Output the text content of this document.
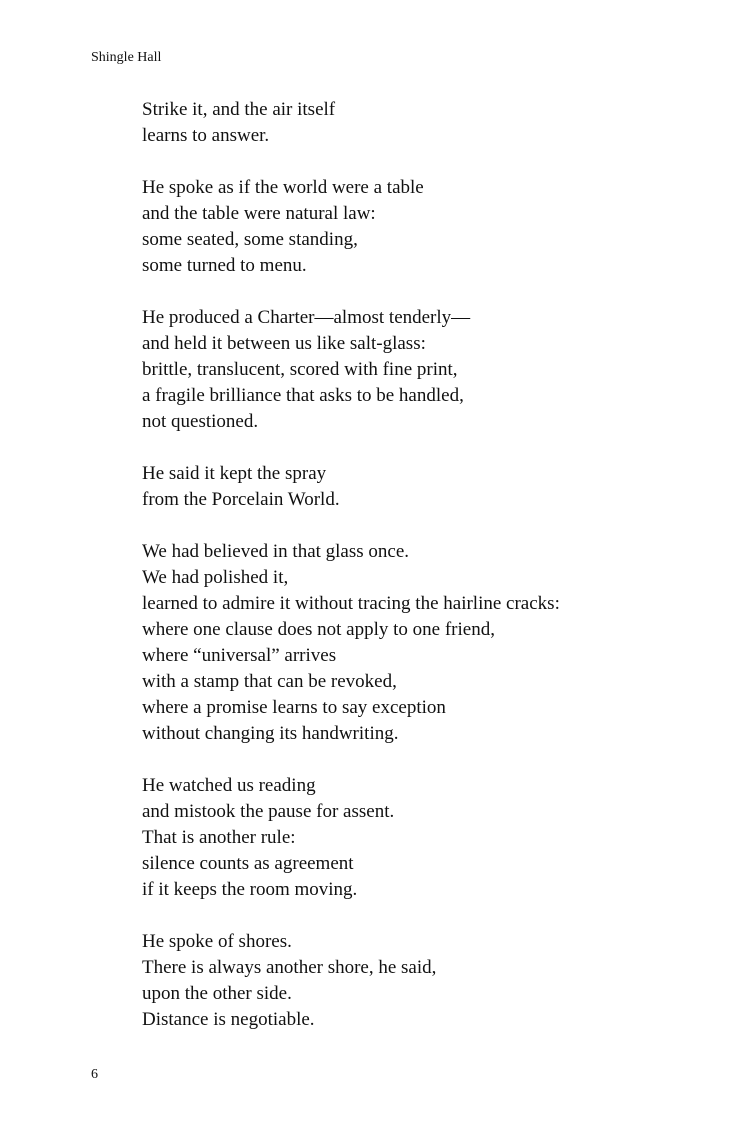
Shingle Hall
Strike it, and the air itself
learns to answer.
He spoke as if the world were a table
and the table were natural law:
some seated, some standing,
some turned to menu.
He produced a Charter—almost tenderly—
and held it between us like salt-glass:
brittle, translucent, scored with fine print,
a fragile brilliance that asks to be handled,
not questioned.
He said it kept the spray
from the Porcelain World.
We had believed in that glass once.
We had polished it,
learned to admire it without tracing the hairline cracks:
where one clause does not apply to one friend,
where “universal” arrives
with a stamp that can be revoked,
where a promise learns to say exception
without changing its handwriting.
He watched us reading
and mistook the pause for assent.
That is another rule:
silence counts as agreement
if it keeps the room moving.
He spoke of shores.
There is always another shore, he said,
upon the other side.
Distance is negotiable.
6
